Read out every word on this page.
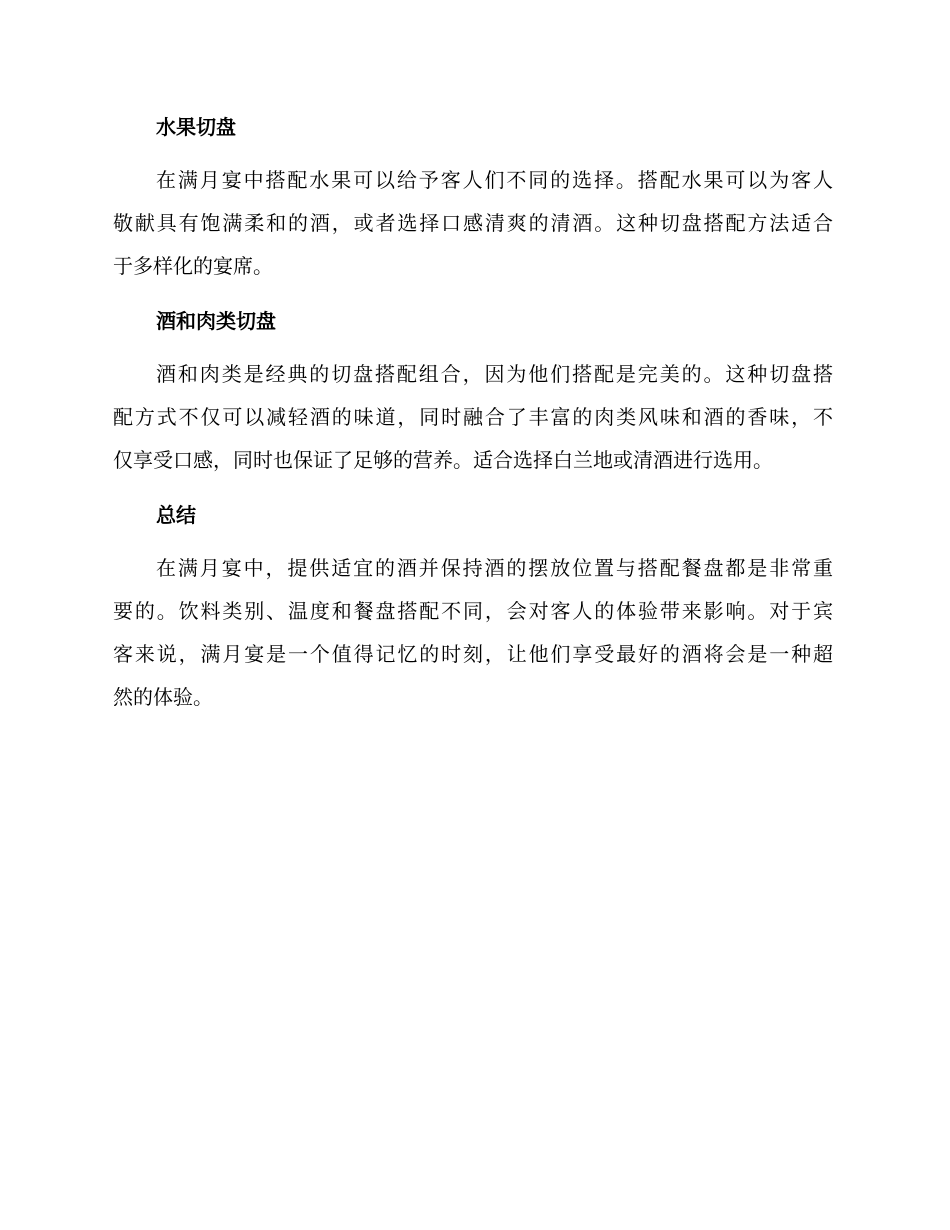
水果切盘
在满月宴中搭配水果可以给予客人们不同的选择。搭配水果可以为客人
敬献具有饱满柔和的酒，或者选择口感清爽的清酒。这种切盘搭配方法适合
于多样化的宴席。
酒和肉类切盘
酒和肉类是经典的切盘搭配组合，因为他们搭配是完美的。这种切盘搭
配方式不仅可以减轻酒的味道，同时融合了丰富的肉类风味和酒的香味，不
仅享受口感，同时也保证了足够的营养。适合选择白兰地或清酒进行选用。
总结
在满月宴中，提供适宜的酒并保持酒的摆放位置与搭配餐盘都是非常重
要的。饮料类别、温度和餐盘搭配不同，会对客人的体验带来影响。对于宾
客来说，满月宴是一个值得记忆的时刻，让他们享受最好的酒将会是一种超
然的体验。
